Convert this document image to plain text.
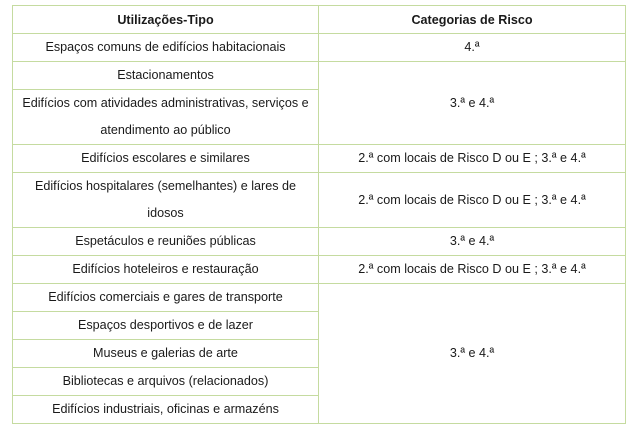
Utilizações-Tipo	Categorias de Risco
Espaços comuns de edifícios habitacionais	4.ª
Estacionamentos	3.ª e 4.ª
Edifícios com atividades administrativas, serviços e atendimento ao público	
Edifícios escolares e similares	2.ª com locais de Risco D ou E ; 3.ª e 4.ª
Edifícios hospitalares (semelhantes) e lares de idosos	2.ª com locais de Risco D ou E ; 3.ª e 4.ª
Espetáculos e reuniões públicas	3.ª e 4.ª
Edifícios hoteleiros e restauração	2.ª com locais de Risco D ou E ; 3.ª e 4.ª
Edifícios comerciais e gares de transporte	3.ª e 4.ª
Espaços desportivos e de lazer	
Museus e galerias de arte	
Bibliotecas e arquivos (relacionados)	
Edifícios industriais, oficinas e armazéns	
